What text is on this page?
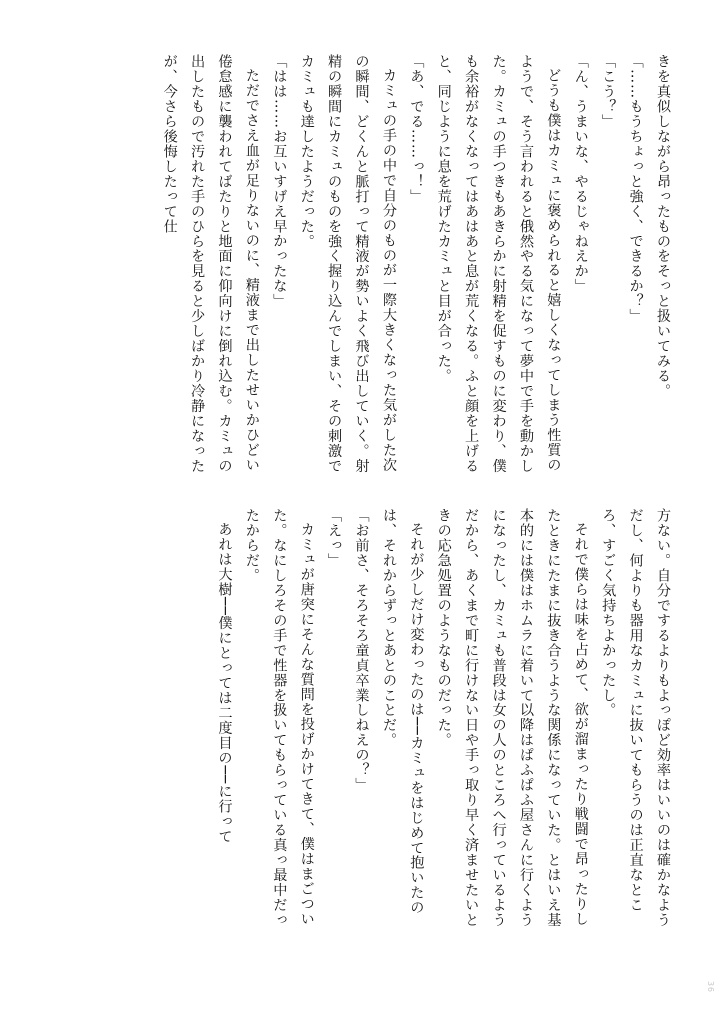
きを真似しながら昂ったものをそっと扱いてみる。

「……もうちょっと強く、できるか？」

「こう？」

「ん、うまいな、やるじゃねえか」

どうも僕はカミュに褒められると嬉しくなってしまう性質のようで、そう言われると俄然やる気になって夢中で手を動かした。カミュの手つきもあきらかに射精を促すものに変わり、僕も余裕がなくなってはあはあと息が荒くなる。ふと顔を上げると、同じように息を荒げたカミュと目が合った。

「あ、でる……っ！」

カミュの手の中で自分のものが一際大きくなった気がした次の瞬間、どくんと脈打って精液が勢いよく飛び出していく。射精の瞬間にカミュのものを強く握り込んでしまい、その刺激でカミュも達したようだった。

「はは……お互いすげえ早かったな」

ただでさえ血が足りないのに、精液まで出したせいかひどい倦怠感に襲われてばたりと地面に仰向けに倒れ込む。カミュの出したもので汚れた手のひらを見ると少しばかり冷静になったが、今さら後悔したって仕

方ない。自分でするよりもよっぽど効率はいいのは確かなようだし、何よりも器用なカミュに抜いてもらうのは正直なところ、すごく気持ちよかったし。

それで僕らは味を占めて、欲が溜まったり戦闘で昂ったりしたときにたまに抜き合うような関係になっていた。とはいえ基本的には僕はホムラに着いて以降はぱふぱふ屋さんに行くようになったし、カミュも普段は女の人のところへ行っているようだから、あくまで町に行けない日や手っ取り早く済ませたいときの応急処置のようなものだった。

それが少しだけ変わったのは──カミュをはじめて抱いたのは、それからずっとあとのことだ。

「お前さ、そろそろ童貞卒業しねえの？」

「えっ」

カミュが唐突にそんな質問を投げかけてきて、僕はまごついた。なにしろその手で性器を扱いてもらっている真っ最中だったからだ。

あれは大樹──僕にとっては二度目の──に行って

36
